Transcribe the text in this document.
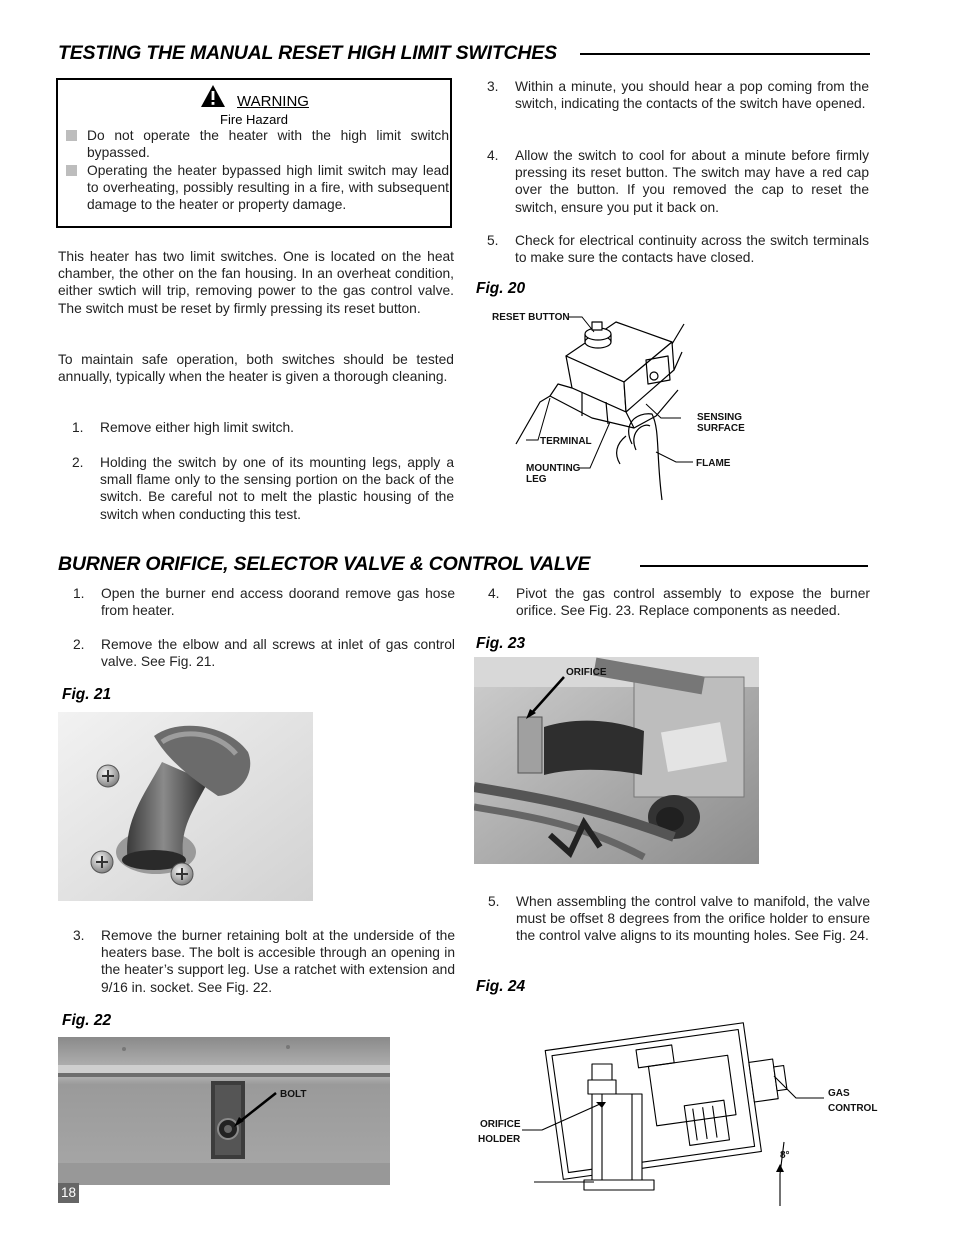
TESTING THE MANUAL RESET HIGH LIMIT SWITCHES
WARNING
Fire Hazard
Do not operate the heater with the high limit switch bypassed.
Operating the heater bypassed high limit switch may lead to overheating, possibly resulting in a fire, with subsequent damage to the heater or property damage.
This heater has two limit switches. One is located on the heat chamber, the other on the fan housing. In an overheat condition, either swtich will trip, removing power to the gas control valve. The switch must be reset by firmly pressing its reset button.
To maintain safe operation, both switches should be tested annually, typically when the heater is given a thorough cleaning.
1.	Remove either high limit switch.
2.	Holding the switch by one of its mounting legs, apply a small flame only to the sensing portion on the back of the switch. Be careful not to melt the plastic housing of the switch when conducting this test.
3.	Within a minute, you should hear a pop coming from the switch, indicating the contacts of the switch have opened.
4.	Allow the switch to cool for about a minute before firmly pressing its reset button. The switch may have a red cap over the button. If you removed the cap to reset the switch, ensure you put it back on.
5.	Check for electrical continuity across the switch terminals to make sure the contacts have closed.
Fig. 20
RESET BUTTON
SENSING
SURFACE
TERMINAL
FLAME
MOUNTING
LEG
BURNER ORIFICE, SELECTOR VALVE & CONTROL VALVE
1.	Open the burner end access doorand remove gas hose from heater.
2.	Remove the elbow and all screws at inlet of gas control valve. See Fig. 21.
Fig. 21
3.	Remove the burner retaining bolt at the underside of the heaters base. The bolt is accesible through an opening in the heater’s support leg. Use a ratchet with extension and 9/16 in. socket. See Fig. 22.
Fig. 22
BOLT
4.	Pivot the gas control assembly to expose the burner orifice. See Fig. 23. Replace components as needed.
Fig. 23
ORIFICE
5.	When assembling the control valve to manifold, the valve must be offset 8 degrees from the orifice holder to ensure the control valve aligns to its mounting holes. See Fig. 24.
Fig. 24
GAS
CONTROL
ORIFICE
HOLDER
8°
18
